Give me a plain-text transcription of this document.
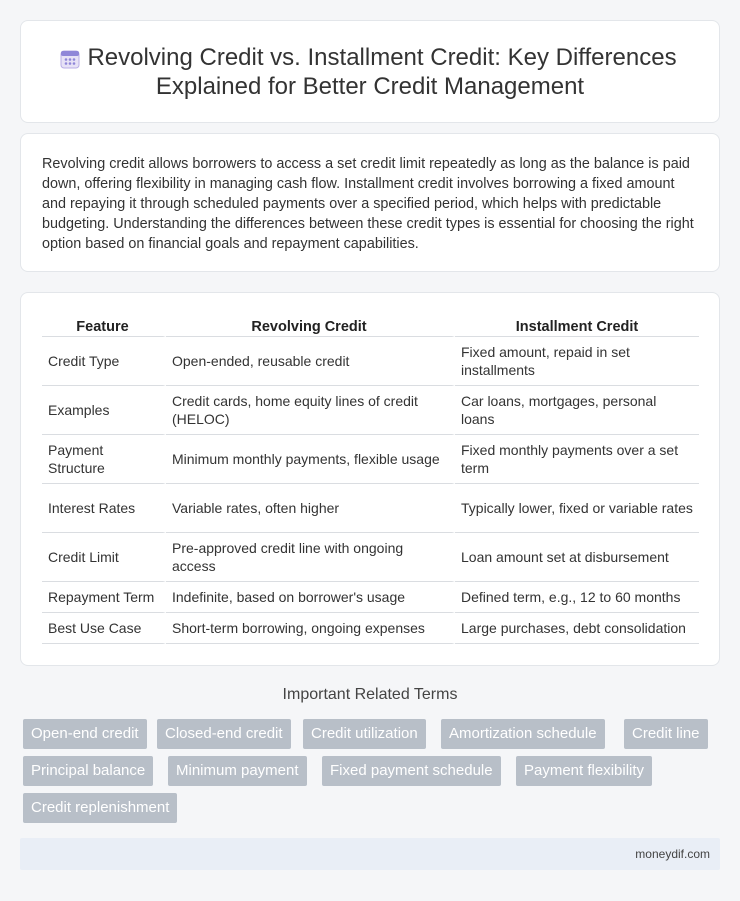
Revolving Credit vs. Installment Credit: Key Differences
Explained for Better Credit Management

Revolving credit allows borrowers to access a set credit limit repeatedly as long as the balance is paid down, offering flexibility in managing cash flow. Installment credit involves borrowing a fixed amount and repaying it through scheduled payments over a specified period, which helps with predictable budgeting. Understanding the differences between these credit types is essential for choosing the right option based on financial goals and repayment capabilities.

Feature	Revolving Credit	Installment Credit
Credit Type	Open-ended, reusable credit	Fixed amount, repaid in set installments
Examples	Credit cards, home equity lines of credit (HELOC)	Car loans, mortgages, personal loans
Payment Structure	Minimum monthly payments, flexible usage	Fixed monthly payments over a set term
Interest Rates	Variable rates, often higher	Typically lower, fixed or variable rates
Credit Limit	Pre-approved credit line with ongoing access	Loan amount set at disbursement
Repayment Term	Indefinite, based on borrower's usage	Defined term, e.g., 12 to 60 months
Best Use Case	Short-term borrowing, ongoing expenses	Large purchases, debt consolidation
Important Related Terms
Open-end credit	Closed-end credit	Credit utilization	Amortization schedule	Credit line
Principal balance	Minimum payment	Fixed payment schedule	Payment flexibility
Credit replenishment
moneydif.com
